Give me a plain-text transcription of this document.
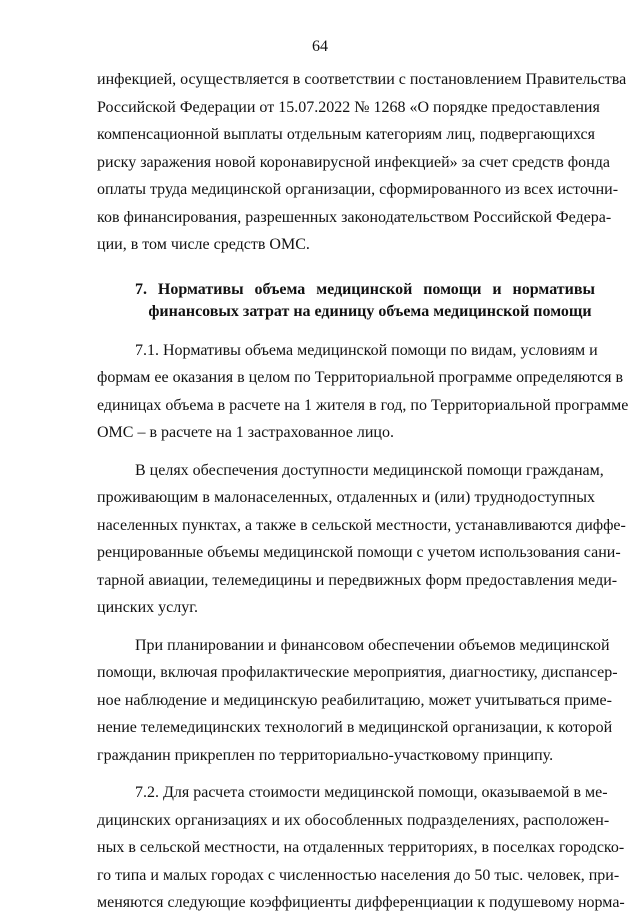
64
инфекцией, осуществляется в соответствии с постановлением Правительства
Российской Федерации от 15.07.2022 № 1268 «О порядке предоставления
компенсационной выплаты отдельным категориям лиц, подвергающихся
риску заражения новой коронавирусной инфекцией» за счет средств фонда
оплаты труда медицинской организации, сформированного из всех источни-
ков финансирования, разрешенных законодательством Российской Федера-
ции, в том числе средств ОМС.
7. Нормативы объема медицинской помощи и нормативы
финансовых затрат на единицу объема медицинской помощи
7.1. Нормативы объема медицинской помощи по видам, условиям и
формам ее оказания в целом по Территориальной программе определяются в
единицах объема в расчете на 1 жителя в год, по Территориальной программе
ОМС – в расчете на 1 застрахованное лицо.
В целях обеспечения доступности медицинской помощи гражданам,
проживающим в малонаселенных, отдаленных и (или) труднодоступных
населенных пунктах, а также в сельской местности, устанавливаются диффе-
ренцированные объемы медицинской помощи с учетом использования сани-
тарной авиации, телемедицины и передвижных форм предоставления меди-
цинских услуг.
При планировании и финансовом обеспечении объемов медицинской
помощи, включая профилактические мероприятия, диагностику, диспансер-
ное наблюдение и медицинскую реабилитацию, может учитываться приме-
нение телемедицинских технологий в медицинской организации, к которой
гражданин прикреплен по территориально-участковому принципу.
7.2. Для расчета стоимости медицинской помощи, оказываемой в ме-
дицинских организациях и их обособленных подразделениях, расположен-
ных в сельской местности, на отдаленных территориях, в поселках городско-
го типа и малых городах с численностью населения до 50 тыс. человек, при-
меняются следующие коэффициенты дифференциации к подушевому норма-
